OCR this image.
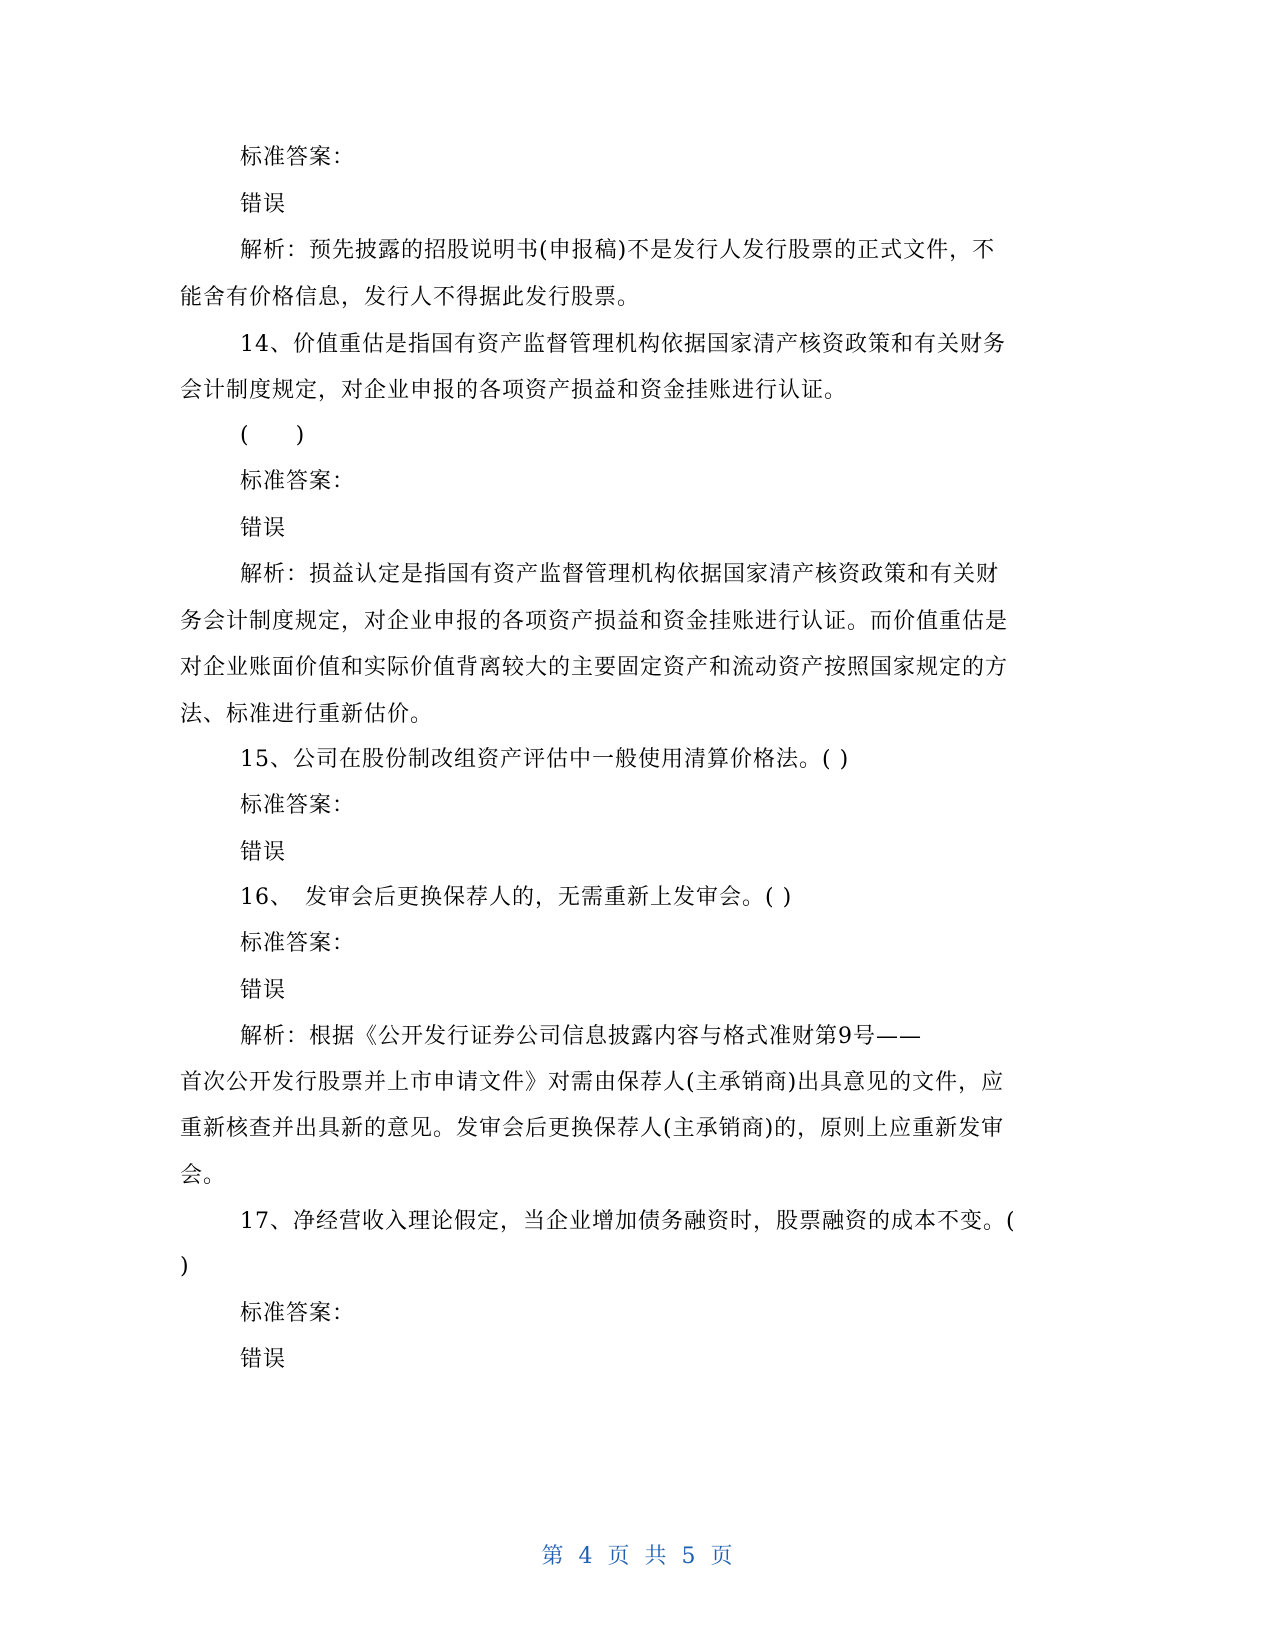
标准答案：
错误
解析：预先披露的招股说明书(申报稿)不是发行人发行股票的正式文件，不
能舍有价格信息，发行人不得据此发行股票。
14、价值重估是指国有资产监督管理机构依据国家清产核资政策和有关财务
会计制度规定，对企业申报的各项资产损益和资金挂账进行认证。
(　　)
标准答案：
错误
解析：损益认定是指国有资产监督管理机构依据国家清产核资政策和有关财
务会计制度规定，对企业申报的各项资产损益和资金挂账进行认证。而价值重估是
对企业账面价值和实际价值背离较大的主要固定资产和流动资产按照国家规定的方
法、标准进行重新估价。
15、公司在股份制改组资产评估中一般使用清算价格法。( )
标准答案：
错误
16、　发审会后更换保荐人的，无需重新上发审会。( )
标准答案：
错误
解析：根据《公开发行证券公司信息披露内容与格式准财第9号——
首次公开发行股票并上市申请文件》对需由保荐人(主承销商)出具意见的文件，应
重新核查并出具新的意见。发审会后更换保荐人(主承销商)的，原则上应重新发审
会。
17、净经营收入理论假定，当企业增加债务融资时，股票融资的成本不变。(
)
标准答案：
错误
第 4 页 共 5 页
